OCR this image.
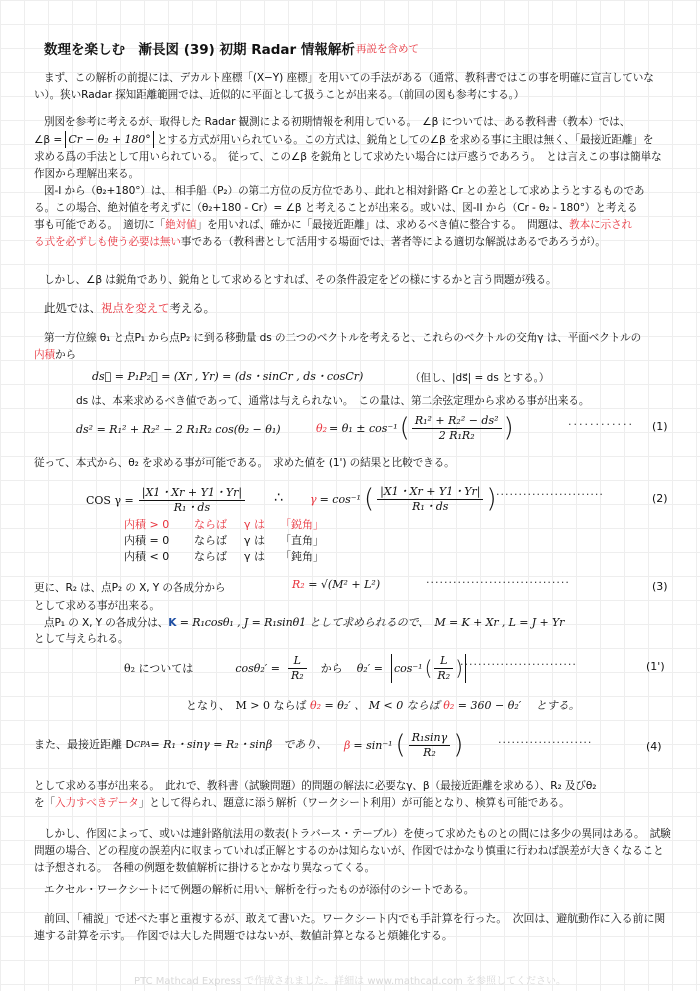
数理を楽しむ　漸長図 (39) 初期 Radar 情報解析 再説を含めて
まず、この解析の前提には、デカルト座標「(X−Y) 座標」を用いての手法がある（通常、教科書ではこの事を明確に宣言していない）。狭いRadar 探知距離範囲では、近似的に平面として扱うことが出来る。（前回の図も参考にする。）
別図を参考に考えるが、取得した Radar 観測による初期情報を利用している。　∠β については、ある教科書（教本）では、
∠β = Cr − θ₂ + 180° とする方式が用いられている。この方式は、鋭角としての∠β を求める事に主眼は無く、「最接近距離」を
求める爲の手法として用いられている。　従って、この∠β を鋭角として求めたい場合には戸惑うであろう。　とは言えこの事は簡単な
作図から理解出来る。
図-I から（θ₂+180°）は、 相手船（P₂）の第二方位の反方位であり、此れと相対針路 Cr との差として求めようとするものであ
る。この場合、絶対値を考えずに（θ₂+180 - Cr）= ∠β と考えることが出来る。或いは、図-II から（Cr - θ₂ - 180°）と考える
事も可能である。　適切に「絶対値」を用いれば、確かに「最接近距離」は、求めるべき値に整合する。　問題は、教本に示され
る式を必ずしも使う必要は無い事である（教科書として活用する場面では、著者等による適切な解説はあるであろうが）。
しかし、∠β は鋭角であり、鋭角として求めるとすれば、その条件設定をどの様にするかと言う問題が残る。
此処では、視点を変えて考える。
第一方位線 θ₁ と点P₁ から点P₂ に到る移動量 ds の二つのベクトルを考えると、これらのベクトルの交角γ は、平面ベクトルの
内積から
ds⃗ = P₁P₂⃗ = (Xr , Yr) = (ds・sinCr , ds・cosCr)	（但し、|ds⃗| = ds とする。）
ds は、本来求めるべき値であって、通常は与えられない。　この量は、第二余弦定理から求める事が出来る。
ds² = R₁² + R₂² − 2 R₁R₂ cos(θ₂ − θ₁)	θ₂ = θ₁ ± cos⁻¹ ( $\frac{\text{R₁² + R₂² − ds²}}{\text{2 R₁R₂}}$ )	············ (1)
従って、本式から、θ₂ を求める事が可能である。　求めた値を (1') の結果と比較できる。
COS $\gamma = \frac{|X1・Xr + Y1・Yr|}{\text{R₁・ds}}$ ∴ γ = cos⁻¹ ( $\frac{|X1・Xr + Y1・Yr|}{\text{R₁・ds}}$ ) ························	(2)
内積 > 0 ならば γ は 「鋭角」
内積 = 0 ならば γ は 「直角」
内積 < 0 ならば γ は 「鈍角」
更に、R₂ は、点P₂ の X, Y の各成分から	R₂ = √(M² + L²)	································	(3)
として求める事が出来る。
点P₁ の X, Y の各成分は、K = R₁cosθ₁ , J = R₁sinθ1 として求められるので、　M = K + Xr , L = J + Yr
として与えられる。
θ₂ については	$\cos\theta_2' = \frac{L}{\text{R₂}}$ から θ₂′ = cos⁻¹ ( $\frac{L}{\text{R₂}}$ )
··························	(1')
となり、　M > 0 ならば θ₂ = θ₂′ 、 M < 0 ならば θ₂ = 360 − θ₂′　 とする。
また、最接近距離 D CPA = R₁・sinγ = R₂・sinβ　であり、 β = sin⁻¹ ( $\frac{\text{R₁sinγ}}{\text{R₂}}$ )	·····················	(4)
として求める事が出来る。　此れで、教科書（試験問題）的問題の解法に必要なγ、β（最接近距離を求める）、R₂ 及びθ₂
を「入力すべきデータ」として得られ、題意に添う解析（ワークシート利用）が可能となり、検算も可能である。
しかし、作図によって、或いは連針路航法用の数表(トラバース・テーブル）を使って求めたものとの間には多少の異同はある。　試験問題の場合、どの程度の誤差内に収まっていれば正解とするのかは知らないが、作図ではかなり慎重に行わねば誤差が大きくなることは予想される。　各種の例題を数値解析に掛けるとかなり異なってくる。
エクセル・ワークシートにて例題の解析に用い、解析を行ったものが添付のシートである。
前回、「補説」で述べた事と重複するが、敢えて書いた。ワークシート内でも手計算を行った。　次回は、避航動作に入る前に関連する計算を示す。　作図では大した問題ではないが、数値計算となると煩雑化する。
PTC Mathcad Express で作成されました。詳細は www.mathcad.com を参照してください。
